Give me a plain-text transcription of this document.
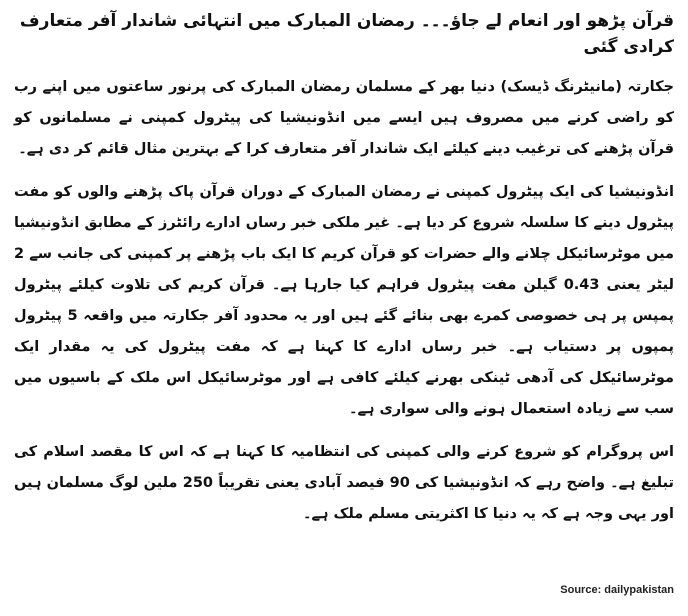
قرآن پڑھو اور انعام لے جاؤ۔۔۔ رمضان المبارک میں انتہائی شاندار آفر متعارف کرادی گئی

جکارتہ (مانیٹرنگ ڈیسک) دنیا بھر کے مسلمان رمضان المبارک کی پرنور ساعتوں میں اپنے رب کو راضی کرنے میں مصروف ہیں ایسے میں انڈونیشیا کی پیٹرول کمپنی نے مسلمانوں کو قرآن پڑھنے کی ترغیب دینے کیلئے ایک شاندار آفر متعارف کرا کے بہترین مثال قائم کر دی ہے۔

انڈونیشیا کی ایک پیٹرول کمپنی نے رمضان المبارک کے دوران قرآن پاک پڑھنے والوں کو مفت پیٹرول دینے کا سلسلہ شروع کر دیا ہے۔ غیر ملکی خبر رساں ادارے رائٹرز کے مطابق انڈونیشیا میں موٹرسائیکل چلانے والے حضرات کو قرآن کریم کا ایک باب پڑھنے پر کمپنی کی جانب سے 2 لیٹر یعنی 0.43 گیلن مفت پیٹرول فراہم کیا جارہا ہے۔ قرآن کریم کی تلاوت کیلئے پیٹرول پمپس پر ہی خصوصی کمرے بھی بنائے گئے ہیں اور یہ محدود آفر جکارتہ میں واقعہ 5 پیٹرول پمپوں پر دستیاب ہے۔ خبر رساں ادارے کا کہنا ہے کہ مفت پیٹرول کی یہ مقدار ایک موٹرسائیکل کی آدھی ٹینکی بھرنے کیلئے کافی ہے اور موٹرسائیکل اس ملک کے باسیوں میں سب سے زیادہ استعمال ہونے والی سواری ہے۔

اس پروگرام کو شروع کرنے والی کمپنی کی انتظامیہ کا کہنا ہے کہ اس کا مقصد اسلام کی تبلیغ ہے۔ واضح رہے کہ انڈونیشیا کی 90 فیصد آبادی یعنی تقریباً 250 ملین لوگ مسلمان ہیں اور یہی وجہ ہے کہ یہ دنیا کا اکثریتی مسلم ملک ہے۔

Source: dailypakistan
